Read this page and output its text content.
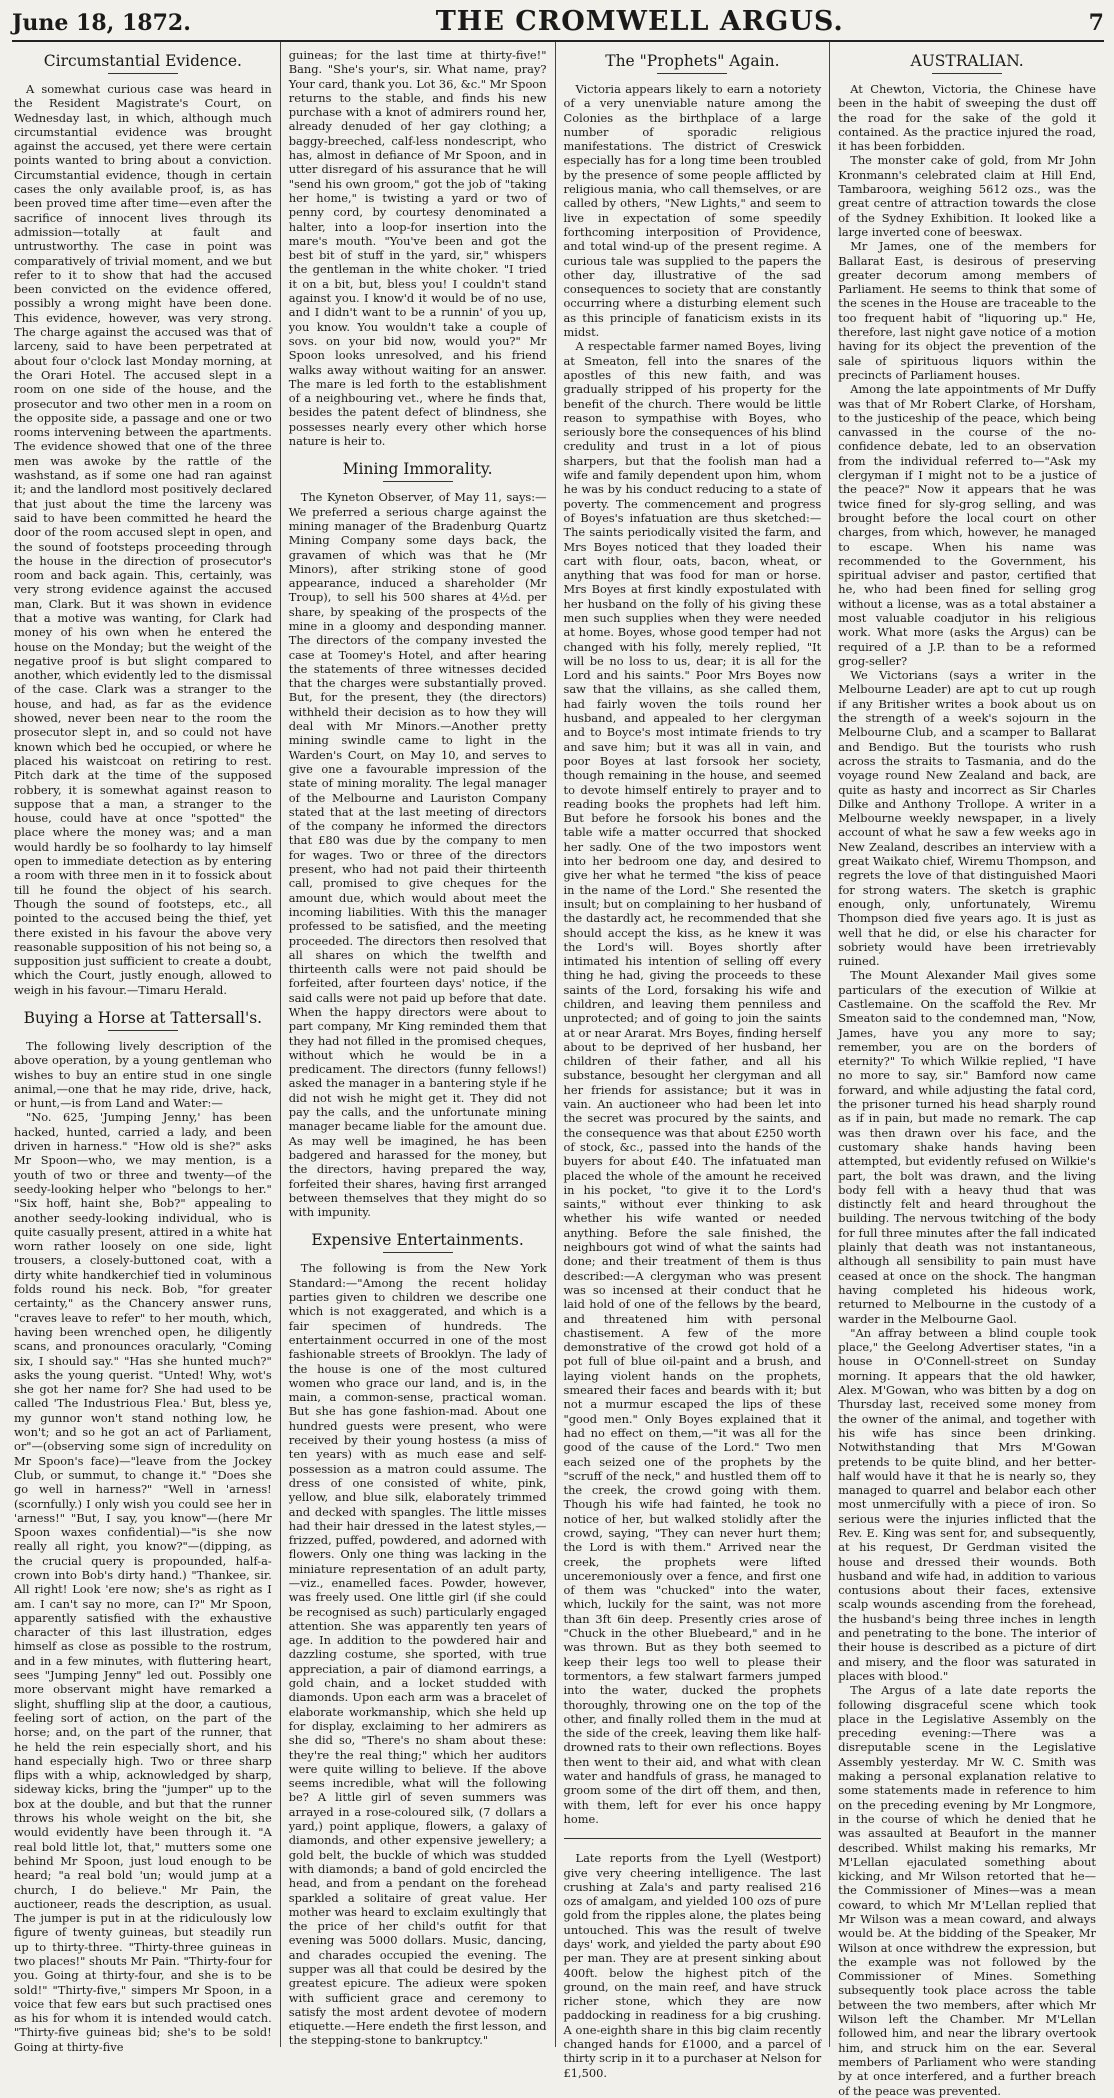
June 18, 1872.	THE CROMWELL ARGUS.	7
Circumstantial Evidence.

A somewhat curious case was heard in the Resident Magistrate's Court, on Wednesday last, in which, although much circumstantial evidence was brought against the accused, yet there were certain points wanted to bring about a conviction. Circumstantial evidence, though in certain cases the only available proof, is, as has been proved time after time—even after the sacrifice of innocent lives through its admission—totally at fault and untrustworthy. The case in point was comparatively of trivial moment, and we but refer to it to show that had the accused been convicted on the evidence offered, possibly a wrong might have been done. This evidence, however, was very strong. The charge against the accused was that of larceny, said to have been perpetrated at about four o'clock last Monday morning, at the Orari Hotel. The accused slept in a room on one side of the house, and the prosecutor and two other men in a room on the opposite side, a passage and one or two rooms intervening between the apartments. The evidence showed that one of the three men was awoke by the rattle of the washstand, as if some one had ran against it; and the landlord most positively declared that just about the time the larceny was said to have been committed he heard the door of the room accused slept in open, and the sound of footsteps proceeding through the house in the direction of prosecutor's room and back again. This, certainly, was very strong evidence against the accused man, Clark. But it was shown in evidence that a motive was wanting, for Clark had money of his own when he entered the house on the Monday; but the weight of the negative proof is but slight compared to another, which evidently led to the dismissal of the case. Clark was a stranger to the house, and had, as far as the evidence showed, never been near to the room the prosecutor slept in, and so could not have known which bed he occupied, or where he placed his waistcoat on retiring to rest. Pitch dark at the time of the supposed robbery, it is somewhat against reason to suppose that a man, a stranger to the house, could have at once "spotted" the place where the money was; and a man would hardly be so foolhardy to lay himself open to immediate detection as by entering a room with three men in it to fossick about till he found the object of his search. Though the sound of footsteps, etc., all pointed to the accused being the thief, yet there existed in his favour the above very reasonable supposition of his not being so, a supposition just sufficient to create a doubt, which the Court, justly enough, allowed to weigh in his favour.—Timaru Herald.

Buying a Horse at Tattersall's.

The following lively description of the above operation, by a young gentleman who wishes to buy an entire stud in one single animal,—one that he may ride, drive, hack, or hunt,—is from Land and Water:—

"No. 625, 'Jumping Jenny,' has been hacked, hunted, carried a lady, and been driven in harness." "How old is she?" asks Mr Spoon—who, we may mention, is a youth of two or three and twenty—of the seedy-looking helper who "belongs to her." "Six hoff, haint she, Bob?" appealing to another seedy-looking individual, who is quite casually present, attired in a white hat worn rather loosely on one side, light trousers, a closely-buttoned coat, with a dirty white handkerchief tied in voluminous folds round his neck. Bob, "for greater certainty," as the Chancery answer runs, "craves leave to refer" to her mouth, which, having been wrenched open, he diligently scans, and pronounces oracularly, "Coming six, I should say." "Has she hunted much?" asks the young querist. "Unted! Why, wot's she got her name for? She had used to be called 'The Industrious Flea.' But, bless ye, my gunnor won't stand nothing low, he won't; and so he got an act of Parliament, or"—(observing some sign of incredulity on Mr Spoon's face)—"leave from the Jockey Club, or summut, to change it." "Does she go well in harness?" "Well in 'arness! (scornfully.) I only wish you could see her in 'arness!" "But, I say, you know"—(here Mr Spoon waxes confidential)—"is she now really all right, you know?"—(dipping, as the crucial query is propounded, half-a-crown into Bob's dirty hand.) "Thankee, sir. All right! Look 'ere now; she's as right as I am. I can't say no more, can I?" Mr Spoon, apparently satisfied with the exhaustive character of this last illustration, edges himself as close as possible to the rostrum, and in a few minutes, with fluttering heart, sees "Jumping Jenny" led out. Possibly one more observant might have remarked a slight, shuffling slip at the door, a cautious, feeling sort of action, on the part of the horse; and, on the part of the runner, that he held the rein especially short, and his hand especially high. Two or three sharp flips with a whip, acknowledged by sharp, sideway kicks, bring the "jumper" up to the box at the double, and but that the runner throws his whole weight on the bit, she would evidently have been through it. "A real bold little lot, that," mutters some one behind Mr Spoon, just loud enough to be heard; "a real bold 'un; would jump at a church, I do believe." Mr Pain, the auctioneer, reads the description, as usual. The jumper is put in at the ridiculously low figure of twenty guineas, but steadily run up to thirty-three. "Thirty-three guineas in two places!" shouts Mr Pain. "Thirty-four for you. Going at thirty-four, and she is to be sold!" "Thirty-five," simpers Mr Spoon, in a voice that few ears but such practised ones as his for whom it is intended would catch. "Thirty-five guineas bid; she's to be sold! Going at thirty-five

guineas; for the last time at thirty-five!" Bang. "She's your's, sir. What name, pray? Your card, thank you. Lot 36, &c." Mr Spoon returns to the stable, and finds his new purchase with a knot of admirers round her, already denuded of her gay clothing; a baggy-breeched, calf-less nondescript, who has, almost in defiance of Mr Spoon, and in utter disregard of his assurance that he will "send his own groom," got the job of "taking her home," is twisting a yard or two of penny cord, by courtesy denominated a halter, into a loop-for insertion into the mare's mouth. "You've been and got the best bit of stuff in the yard, sir," whispers the gentleman in the white choker. "I tried it on a bit, but, bless you! I couldn't stand against you. I know'd it would be of no use, and I didn't want to be a runnin' of you up, you know. You wouldn't take a couple of sovs. on your bid now, would you?" Mr Spoon looks unresolved, and his friend walks away without waiting for an answer. The mare is led forth to the establishment of a neighbouring vet., where he finds that, besides the patent defect of blindness, she possesses nearly every other which horse nature is heir to.

Mining Immorality.

The Kyneton Observer, of May 11, says:—We preferred a serious charge against the mining manager of the Bradenburg Quartz Mining Company some days back, the gravamen of which was that he (Mr Minors), after striking stone of good appearance, induced a shareholder (Mr Troup), to sell his 500 shares at 4½d. per share, by speaking of the prospects of the mine in a gloomy and desponding manner. The directors of the company invested the case at Toomey's Hotel, and after hearing the statements of three witnesses decided that the charges were substantially proved. But, for the present, they (the directors) withheld their decision as to how they will deal with Mr Minors.—Another pretty mining swindle came to light in the Warden's Court, on May 10, and serves to give one a favourable impression of the state of mining morality. The legal manager of the Melbourne and Lauriston Company stated that at the last meeting of directors of the company he informed the directors that £80 was due by the company to men for wages. Two or three of the directors present, who had not paid their thirteenth call, promised to give cheques for the amount due, which would about meet the incoming liabilities. With this the manager professed to be satisfied, and the meeting proceeded. The directors then resolved that all shares on which the twelfth and thirteenth calls were not paid should be forfeited, after fourteen days' notice, if the said calls were not paid up before that date. When the happy directors were about to part company, Mr King reminded them that they had not filled in the promised cheques, without which he would be in a predicament. The directors (funny fellows!) asked the manager in a bantering style if he did not wish he might get it. They did not pay the calls, and the unfortunate mining manager became liable for the amount due. As may well be imagined, he has been badgered and harassed for the money, but the directors, having prepared the way, forfeited their shares, having first arranged between themselves that they might do so with impunity.

Expensive Entertainments.

The following is from the New York Standard:—"Among the recent holiday parties given to children we describe one which is not exaggerated, and which is a fair specimen of hundreds. The entertainment occurred in one of the most fashionable streets of Brooklyn. The lady of the house is one of the most cultured women who grace our land, and is, in the main, a common-sense, practical woman. But she has gone fashion-mad. About one hundred guests were present, who were received by their young hostess (a miss of ten years) with as much ease and self-possession as a matron could assume. The dress of one consisted of white, pink, yellow, and blue silk, elaborately trimmed and decked with spangles. The little misses had their hair dressed in the latest styles,—frizzed, puffed, powdered, and adorned with flowers. Only one thing was lacking in the miniature representation of an adult party,—viz., enamelled faces. Powder, however, was freely used. One little girl (if she could be recognised as such) particularly engaged attention. She was apparently ten years of age. In addition to the powdered hair and dazzling costume, she sported, with true appreciation, a pair of diamond earrings, a gold chain, and a locket studded with diamonds. Upon each arm was a bracelet of elaborate workmanship, which she held up for display, exclaiming to her admirers as she did so, "There's no sham about these: they're the real thing;" which her auditors were quite willing to believe. If the above seems incredible, what will the following be? A little girl of seven summers was arrayed in a rose-coloured silk, (7 dollars a yard,) point applique, flowers, a galaxy of diamonds, and other expensive jewellery; a gold belt, the buckle of which was studded with diamonds; a band of gold encircled the head, and from a pendant on the forehead sparkled a solitaire of great value. Her mother was heard to exclaim exultingly that the price of her child's outfit for that evening was 5000 dollars. Music, dancing, and charades occupied the evening. The supper was all that could be desired by the greatest epicure. The adieux were spoken with sufficient grace and ceremony to satisfy the most ardent devotee of modern etiquette.—Here endeth the first lesson, and the stepping-stone to bankruptcy."

The "Prophets" Again.

Victoria appears likely to earn a notoriety of a very unenviable nature among the Colonies as the birthplace of a large number of sporadic religious manifestations. The district of Creswick especially has for a long time been troubled by the presence of some people afflicted by religious mania, who call themselves, or are called by others, "New Lights," and seem to live in expectation of some speedily forthcoming interposition of Providence, and total wind-up of the present regime. A curious tale was supplied to the papers the other day, illustrative of the sad consequences to society that are constantly occurring where a disturbing element such as this principle of fanaticism exists in its midst.

A respectable farmer named Boyes, living at Smeaton, fell into the snares of the apostles of this new faith, and was gradually stripped of his property for the benefit of the church. There would be little reason to sympathise with Boyes, who seriously bore the consequences of his blind credulity and trust in a lot of pious sharpers, but that the foolish man had a wife and family dependent upon him, whom he was by his conduct reducing to a state of poverty. The commencement and progress of Boyes's infatuation are thus sketched:—The saints periodically visited the farm, and Mrs Boyes noticed that they loaded their cart with flour, oats, bacon, wheat, or anything that was food for man or horse. Mrs Boyes at first kindly expostulated with her husband on the folly of his giving these men such supplies when they were needed at home. Boyes, whose good temper had not changed with his folly, merely replied, "It will be no loss to us, dear; it is all for the Lord and his saints." Poor Mrs Boyes now saw that the villains, as she called them, had fairly woven the toils round her husband, and appealed to her clergyman and to Boyce's most intimate friends to try and save him; but it was all in vain, and poor Boyes at last forsook her society, though remaining in the house, and seemed to devote himself entirely to prayer and to reading books the prophets had left him. But before he forsook his bones and the table wife a matter occurred that shocked her sadly. One of the two impostors went into her bedroom one day, and desired to give her what he termed "the kiss of peace in the name of the Lord." She resented the insult; but on complaining to her husband of the dastardly act, he recommended that she should accept the kiss, as he knew it was the Lord's will. Boyes shortly after intimated his intention of selling off every thing he had, giving the proceeds to these saints of the Lord, forsaking his wife and children, and leaving them penniless and unprotected; and of going to join the saints at or near Ararat. Mrs Boyes, finding herself about to be deprived of her husband, her children of their father, and all his substance, besought her clergyman and all her friends for assistance; but it was in vain. An auctioneer who had been let into the secret was procured by the saints, and the consequence was that about £250 worth of stock, &c., passed into the hands of the buyers for about £40. The infatuated man placed the whole of the amount he received in his pocket, "to give it to the Lord's saints," without ever thinking to ask whether his wife wanted or needed anything. Before the sale finished, the neighbours got wind of what the saints had done; and their treatment of them is thus described:—A clergyman who was present was so incensed at their conduct that he laid hold of one of the fellows by the beard, and threatened him with personal chastisement. A few of the more demonstrative of the crowd got hold of a pot full of blue oil-paint and a brush, and laying violent hands on the prophets, smeared their faces and beards with it; but not a murmur escaped the lips of these "good men." Only Boyes explained that it had no effect on them,—"it was all for the good of the cause of the Lord." Two men each seized one of the prophets by the "scruff of the neck," and hustled them off to the creek, the crowd going with them. Though his wife had fainted, he took no notice of her, but walked stolidly after the crowd, saying, "They can never hurt them; the Lord is with them." Arrived near the creek, the prophets were lifted unceremoniously over a fence, and first one of them was "chucked" into the water, which, luckily for the saint, was not more than 3ft 6in deep. Presently cries arose of "Chuck in the other Bluebeard," and in he was thrown. But as they both seemed to keep their legs too well to please their tormentors, a few stalwart farmers jumped into the water, ducked the prophets thoroughly, throwing one on the top of the other, and finally rolled them in the mud at the side of the creek, leaving them like half-drowned rats to their own reflections. Boyes then went to their aid, and what with clean water and handfuls of grass, he managed to groom some of the dirt off them, and then, with them, left for ever his once happy home.

Late reports from the Lyell (Westport) give very cheering intelligence. The last crushing at Zala's and party realised 216 ozs of amalgam, and yielded 100 ozs of pure gold from the ripples alone, the plates being untouched. This was the result of twelve days' work, and yielded the party about £90 per man. They are at present sinking about 400ft. below the highest pitch of the ground, on the main reef, and have struck richer stone, which they are now paddocking in readiness for a big crushing. A one-eighth share in this big claim recently changed hands for £1000, and a parcel of thirty scrip in it to a purchaser at Nelson for £1,500.

AUSTRALIAN.

At Chewton, Victoria, the Chinese have been in the habit of sweeping the dust off the road for the sake of the gold it contained. As the practice injured the road, it has been forbidden.

The monster cake of gold, from Mr John Kronmann's celebrated claim at Hill End, Tambaroora, weighing 5612 ozs., was the great centre of attraction towards the close of the Sydney Exhibition. It looked like a large inverted cone of beeswax.

Mr James, one of the members for Ballarat East, is desirous of preserving greater decorum among members of Parliament. He seems to think that some of the scenes in the House are traceable to the too frequent habit of "liquoring up." He, therefore, last night gave notice of a motion having for its object the prevention of the sale of spirituous liquors within the precincts of Parliament houses.

Among the late appointments of Mr Duffy was that of Mr Robert Clarke, of Horsham, to the justiceship of the peace, which being canvassed in the course of the no-confidence debate, led to an observation from the individual referred to—"Ask my clergyman if I might not to be a justice of the peace?" Now it appears that he was twice fined for sly-grog selling, and was brought before the local court on other charges, from which, however, he managed to escape. When his name was recommended to the Government, his spiritual adviser and pastor, certified that he, who had been fined for selling grog without a license, was as a total abstainer a most valuable coadjutor in his religious work. What more (asks the Argus) can be required of a J.P. than to be a reformed grog-seller?

We Victorians (says a writer in the Melbourne Leader) are apt to cut up rough if any Britisher writes a book about us on the strength of a week's sojourn in the Melbourne Club, and a scamper to Ballarat and Bendigo. But the tourists who rush across the straits to Tasmania, and do the voyage round New Zealand and back, are quite as hasty and incorrect as Sir Charles Dilke and Anthony Trollope. A writer in a Melbourne weekly newspaper, in a lively account of what he saw a few weeks ago in New Zealand, describes an interview with a great Waikato chief, Wiremu Thompson, and regrets the love of that distinguished Maori for strong waters. The sketch is graphic enough, only, unfortunately, Wiremu Thompson died five years ago. It is just as well that he did, or else his character for sobriety would have been irretrievably ruined.

The Mount Alexander Mail gives some particulars of the execution of Wilkie at Castlemaine. On the scaffold the Rev. Mr Smeaton said to the condemned man, "Now, James, have you any more to say; remember, you are on the borders of eternity?" To which Wilkie replied, "I have no more to say, sir." Bamford now came forward, and while adjusting the fatal cord, the prisoner turned his head sharply round as if in pain, but made no remark. The cap was then drawn over his face, and the customary shake hands having been attempted, but evidently refused on Wilkie's part, the bolt was drawn, and the living body fell with a heavy thud that was distinctly felt and heard throughout the building. The nervous twitching of the body for full three minutes after the fall indicated plainly that death was not instantaneous, although all sensibility to pain must have ceased at once on the shock. The hangman having completed his hideous work, returned to Melbourne in the custody of a warder in the Melbourne Gaol.

"An affray between a blind couple took place," the Geelong Advertiser states, "in a house in O'Connell-street on Sunday morning. It appears that the old hawker, Alex. M'Gowan, who was bitten by a dog on Thursday last, received some money from the owner of the animal, and together with his wife has since been drinking. Notwithstanding that Mrs M'Gowan pretends to be quite blind, and her better-half would have it that he is nearly so, they managed to quarrel and belabor each other most unmercifully with a piece of iron. So serious were the injuries inflicted that the Rev. E. King was sent for, and subsequently, at his request, Dr Gerdman visited the house and dressed their wounds. Both husband and wife had, in addition to various contusions about their faces, extensive scalp wounds ascending from the forehead, the husband's being three inches in length and penetrating to the bone. The interior of their house is described as a picture of dirt and misery, and the floor was saturated in places with blood."

The Argus of a late date reports the following disgraceful scene which took place in the Legislative Assembly on the preceding evening:—There was a disreputable scene in the Legislative Assembly yesterday. Mr W. C. Smith was making a personal explanation relative to some statements made in reference to him on the preceding evening by Mr Longmore, in the course of which he denied that he was assaulted at Beaufort in the manner described. Whilst making his remarks, Mr M'Lellan ejaculated something about kicking, and Mr Wilson retorted that he—the Commissioner of Mines—was a mean coward, to which Mr M'Lellan replied that Mr Wilson was a mean coward, and always would be. At the bidding of the Speaker, Mr Wilson at once withdrew the expression, but the example was not followed by the Commissioner of Mines. Something subsequently took place across the table between the two members, after which Mr Wilson left the Chamber. Mr M'Lellan followed him, and near the library overtook him, and struck him on the ear. Several members of Parliament who were standing by at once interfered, and a further breach of the peace was prevented.
